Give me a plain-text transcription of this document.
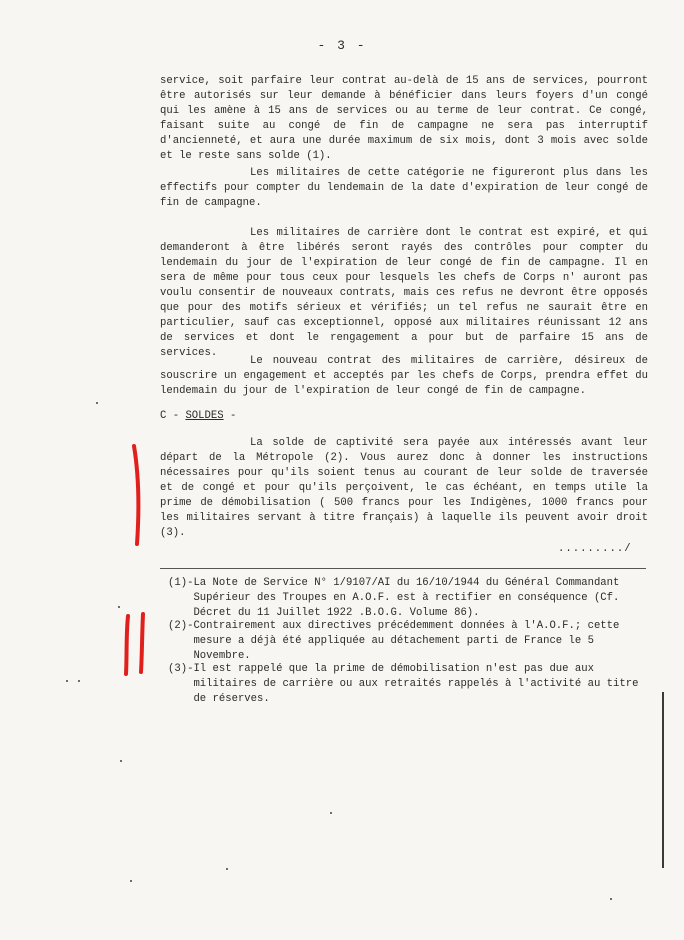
- 3 -

service, soit parfaire leur contrat au-delà de 15 ans de services, pourront être autorisés sur leur demande à bénéficier dans leurs foyers d'un congé qui les amène à 15 ans de services ou au terme de leur contrat. Ce congé, faisant suite au congé de fin de campagne ne sera pas interruptif d'ancienneté, et aura une durée maximum de six mois, dont 3 mois avec solde et le reste sans solde (1).

Les militaires de cette catégorie ne figureront plus dans les effectifs pour compter du lendemain de la date d'expiration de leur congé de fin de campagne.

Les militaires de carrière dont le contrat est expiré, et qui demanderont à être libérés seront rayés des contrôles pour compter du lendemain du jour de l'expiration de leur congé de fin de campagne. Il en sera de même pour tous ceux pour lesquels les chefs de Corps n' auront pas voulu consentir de nouveaux contrats, mais ces refus ne devront être opposés que pour des motifs sérieux et vérifiés; un tel refus ne saurait être en particulier, sauf cas exceptionnel, opposé aux militaires réunissant 12 ans de services et dont le rengagement a pour but de parfaire 15 ans de services.

Le nouveau contrat des militaires de carrière, désireux de souscrire un engagement et acceptés par les chefs de Corps, prendra effet du lendemain du jour de l'expiration de leur congé de fin de campagne.

C - SOLDES -

La solde de captivité sera payée aux intéressés avant leur départ de la Métropole (2). Vous aurez donc à donner les instructions nécessaires pour qu'ils soient tenus au courant de leur solde de traversée et de congé et pour qu'ils perçoivent, le cas échéant, en temps utile la prime de démobilisation ( 500 francs pour les Indigènes, 1000 francs pour les militaires servant à titre français) à laquelle ils peuvent avoir droit (3).

........./

(1)- La Note de Service N° 1/9107/AI du 16/10/1944 du Général Commandant Supérieur des Troupes en A.O.F. est à rectifier en conséquence (Cf. Décret du 11 Juillet 1922 .B.O.G. Volume 86).

(2)- Contrairement aux directives précédemment données à l'A.O.F.; cette mesure a déjà été appliquée au détachement parti de France le 5 Novembre.

(3)- Il est rappelé que la prime de démobilisation n'est pas due aux militaires de carrière ou aux retraités rappelés à l'activité au titre de réserves.
